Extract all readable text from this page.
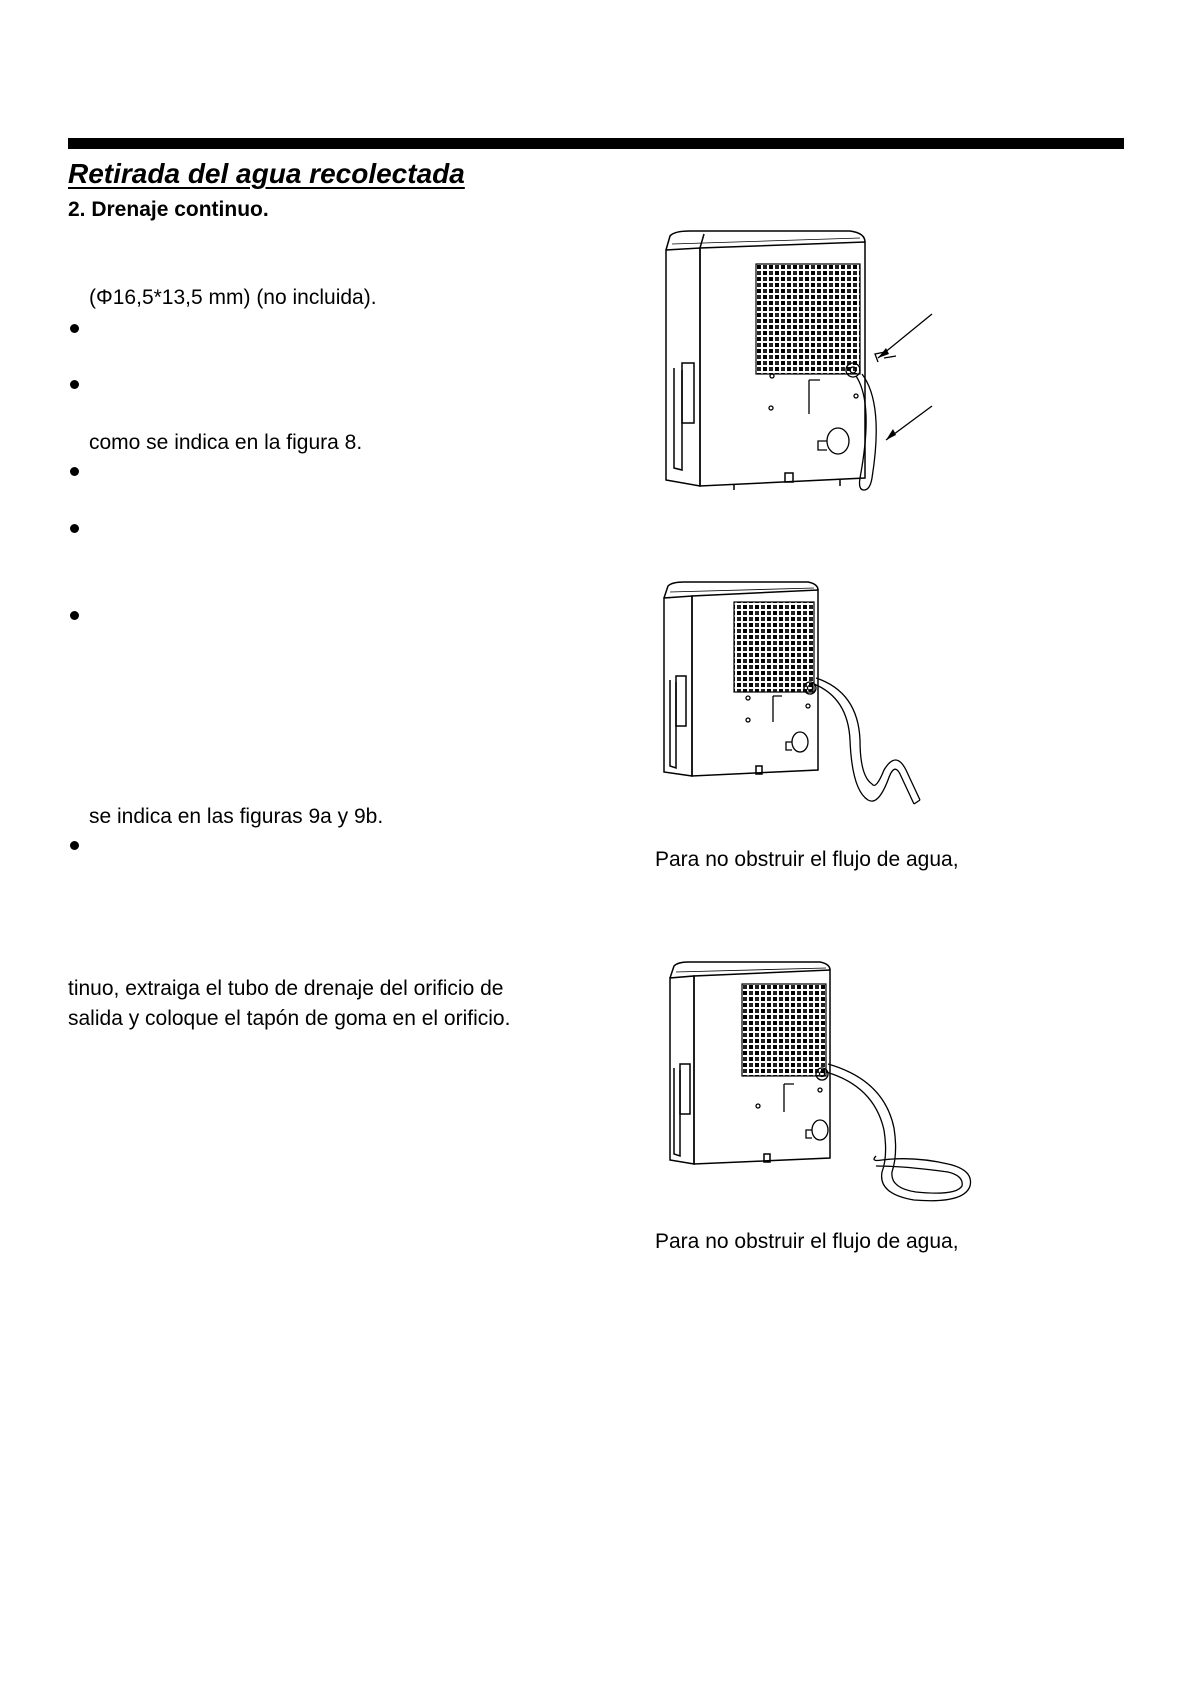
Retirada del agua recolectada
2. Drenaje continuo.
(Φ16,5*13,5 mm) (no incluida).
como se indica en la figura 8.
se indica en las figuras 9a y 9b.
tinuo, extraiga el tubo de drenaje del orificio de
salida y coloque el tapón de goma en el orificio.
Para no obstruir el flujo de agua,
Para no obstruir el flujo de agua,
